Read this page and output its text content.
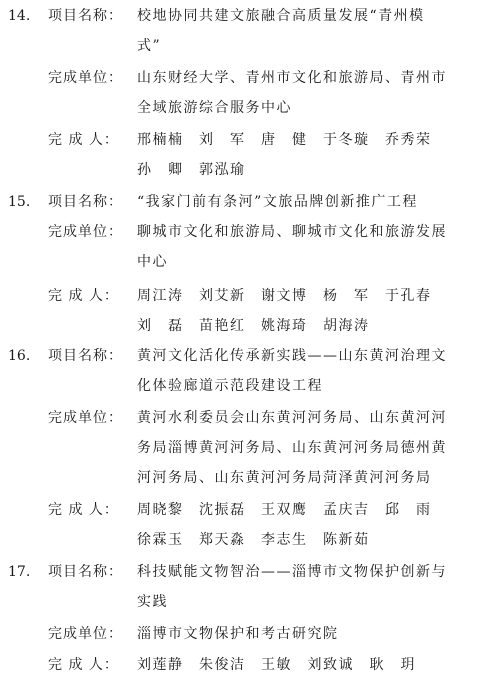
14. 项目名称： 校地协同共建文旅融合高质量发展“青州模
式”
完成单位： 山东财经大学、青州市文化和旅游局、青州市
全域旅游综合服务中心
完 成 人： 邢楠楠　刘　军　唐　健　于冬璇　乔秀荣
孙　卿　郭泓瑜
15. 项目名称： “我家门前有条河”文旅品牌创新推广工程
完成单位： 聊城市文化和旅游局、聊城市文化和旅游发展
中心
完 成 人： 周江涛　刘艾新　谢文博　杨　军　于孔春
刘　磊　苗艳红　姚海琦　胡海涛
16. 项目名称： 黄河文化活化传承新实践——山东黄河治理文
化体验廊道示范段建设工程
完成单位： 黄河水利委员会山东黄河河务局、山东黄河河
务局淄博黄河河务局、山东黄河河务局德州黄
河河务局、山东黄河河务局菏泽黄河河务局
完 成 人： 周晓黎　沈振磊　王双鹰　孟庆吉　邱　雨
徐霖玉　郑天淼　李志生　陈新茹
17. 项目名称： 科技赋能文物智治——淄博市文物保护创新与
实践
完成单位： 淄博市文物保护和考古研究院
完 成 人： 刘莲静　朱俊洁　王敏　刘致诚　耿　玥
